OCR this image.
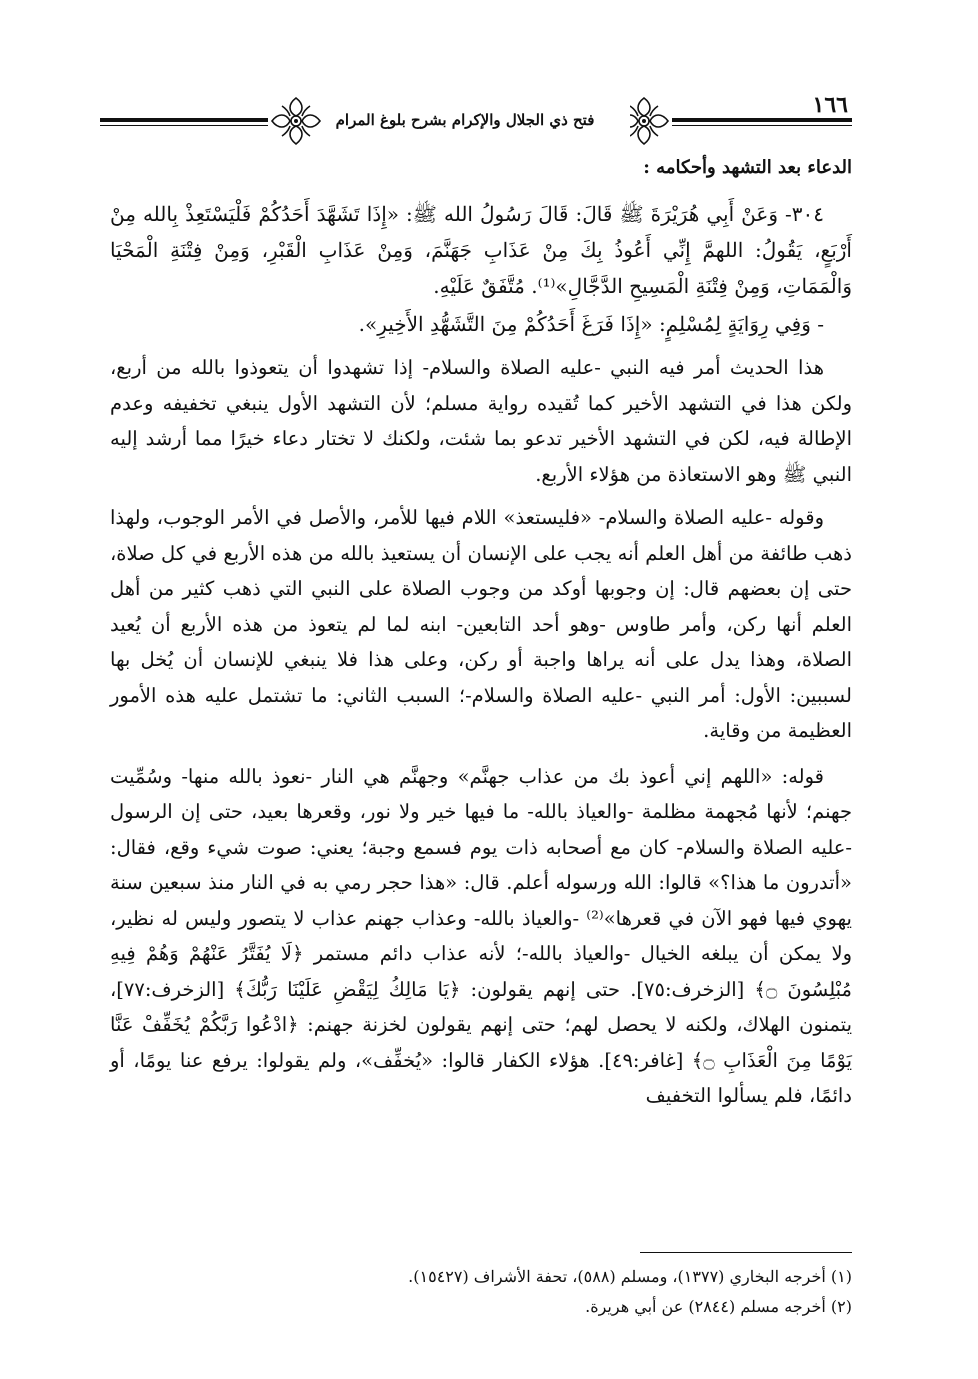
١٦٦
فتح ذي الجلال والإكرام بشرح بلوغ المرام
الدعاء بعد التشهد وأحكامه :

٣٠٤- وَعَنْ أَبِي هُرَيْرَةَ ﷺ قَالَ: قَالَ رَسُولُ الله ﷺ: «إِذَا تَشَهَّدَ أَحَدُكُمْ فَلْيَسْتَعِذْ بِالله مِنْ أَرْبَعٍ، يَقُولُ: اللهمَّ إِنِّي أَعُوذُ بِكَ مِنْ عَذَابِ جَهَنَّمَ، وَمِنْ عَذَابِ الْقَبْرِ، وَمِنْ فِتْنَةِ الْمَحْيَا وَالْمَمَاتِ، وَمِنْ فِتْنَةِ الْمَسِيحِ الدَّجَّالِ»⁽¹⁾. مُتَّفَقٌ عَلَيْهِ.

- وَفِي رِوَايَةٍ لِمُسْلِمٍ: «إِذَا فَرَغَ أَحَدُكُمْ مِنَ التَّشَهُّدِ الأَخِيرِ».

هذا الحديث أمر فيه النبي -عليه الصلاة والسلام- إذا تشهدوا أن يتعوذوا بالله من أربع، ولكن هذا في التشهد الأخير كما تُقيده رواية مسلم؛ لأن التشهد الأول ينبغي تخفيفه وعدم الإطالة فيه، لكن في التشهد الأخير تدعو بما شئت، ولكنك لا تختار دعاء خيرًا مما أرشد إليه النبي ﷺ وهو الاستعاذة من هؤلاء الأربع.

وقوله -عليه الصلاة والسلام- «فليستعذ» اللام فيها للأمر، والأصل في الأمر الوجوب، ولهذا ذهب طائفة من أهل العلم أنه يجب على الإنسان أن يستعيذ بالله من هذه الأربع في كل صلاة، حتى إن بعضهم قال: إن وجوبها أوكد من وجوب الصلاة على النبي التي ذهب كثير من أهل العلم أنها ركن، وأمر طاوس -وهو أحد التابعين- ابنه لما لم يتعوذ من هذه الأربع أن يُعيد الصلاة، وهذا يدل على أنه يراها واجبة أو ركن، وعلى هذا فلا ينبغي للإنسان أن يُخل بها لسببين: الأول: أمر النبي -عليه الصلاة والسلام-؛ السبب الثاني: ما تشتمل عليه هذه الأمور العظيمة من وقاية.

قوله: «اللهم إني أعوذ بك من عذاب جهنَّم» وجهنَّم هي النار -نعوذ بالله منها- وسُمِّيت جهنم؛ لأنها مُجهمة مظلمة -والعياذ بالله- ما فيها خير ولا نور، وقعرها بعيد، حتى إن الرسول -عليه الصلاة والسلام- كان مع أصحابه ذات يوم فسمع وجبة؛ يعني: صوت شيء وقع، فقال: «أتدرون ما هذا؟» قالوا: الله ورسوله أعلم. قال: «هذا حجر رمي به في النار منذ سبعين سنة يهوي فيها فهو الآن في قعرها»⁽²⁾ -والعياذ بالله- وعذاب جهنم عذاب لا يتصور وليس له نظير، ولا يمكن أن يبلغه الخيال -والعياذ بالله-؛ لأنه عذاب دائم مستمر ﴿لَا يُفَتَّرُ عَنْهُمْ وَهُمْ فِيهِ مُبْلِسُونَ ۝﴾ [الزخرف:٧٥]. حتى إنهم يقولون: ﴿يَا مَالِكُ لِيَقْضِ عَلَيْنَا رَبُّكَ﴾ [الزخرف:٧٧]، يتمنون الهلاك، ولكنه لا يحصل لهم؛ حتى إنهم يقولون لخزنة جهنم: ﴿ادْعُوا رَبَّكُمْ يُخَفِّفْ عَنَّا يَوْمًا مِنَ الْعَذَابِ ۝﴾ [غافر:٤٩]. هؤلاء الكفار قالوا: «يُخفِّف»، ولم يقولوا: يرفع عنا يومًا، أو دائمًا، فلم يسألوا التخفيف

(١) أخرجه البخاري (١٣٧٧)، ومسلم (٥٨٨)، تحفة الأشراف (١٥٤٢٧).

(٢) أخرجه مسلم (٢٨٤٤) عن أبي هريرة.
